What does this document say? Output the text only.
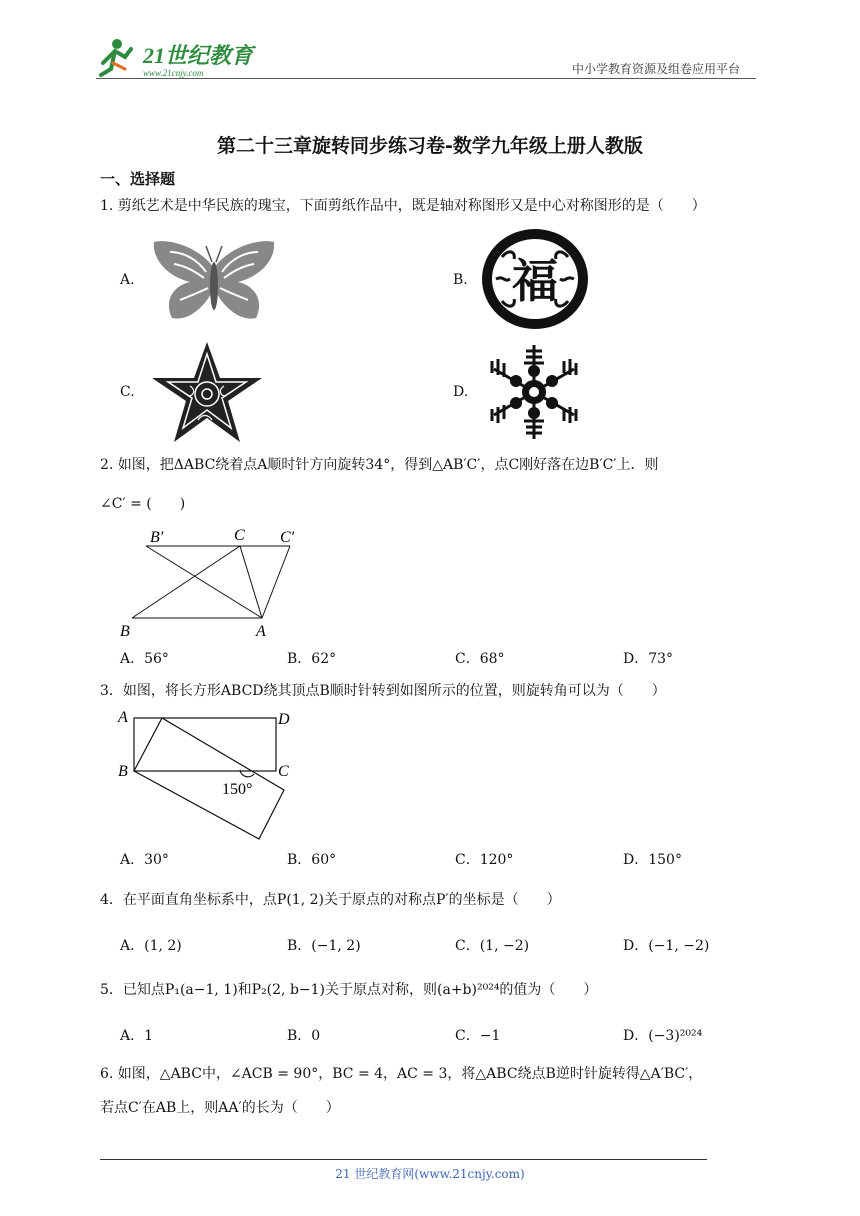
21世纪教育
www.21cnjy.com	中小学教育资源及组卷应用平台
第二十三章旋转同步练习卷-数学九年级上册人教版
一、选择题
1. 剪纸艺术是中华民族的瑰宝，下面剪纸作品中，既是轴对称图形又是中心对称图形的是（　　）
A.	B. 福
C.	D.
2. 如图，把ΔABC绕着点A顺时针方向旋转34°，得到△AB′C′，点C刚好落在边B′C′上．则
∠C′ = (　　)
B′	C C′
B	A
A．56°	B．62°	C．68°	D．73°
3．如图，将长方形ABCD绕其顶点B顺时针转到如图所示的位置，则旋转角可以为（　　）
A	D
B	C
150°
A．30°	B．60°	C．120°	D．150°
4．在平面直角坐标系中，点P(1, 2)关于原点的对称点P′的坐标是（　　）
A．(1, 2)	B．(−1, 2)	C．(1, −2)	D．(−1, −2)
5．已知点P₁(a−1, 1)和P₂(2, b−1)关于原点对称，则(a+b)²⁰²⁴的值为（　　）
A．1	B．0	C．−1	D．(−3)²⁰²⁴
6. 如图，△ABC中，∠ACB = 90°，BC = 4，AC = 3，将△ABC绕点B逆时针旋转得△A′BC′，
若点C′在AB上，则AA′的长为（　　）
21 世纪教育网(www.21cnjy.com)
